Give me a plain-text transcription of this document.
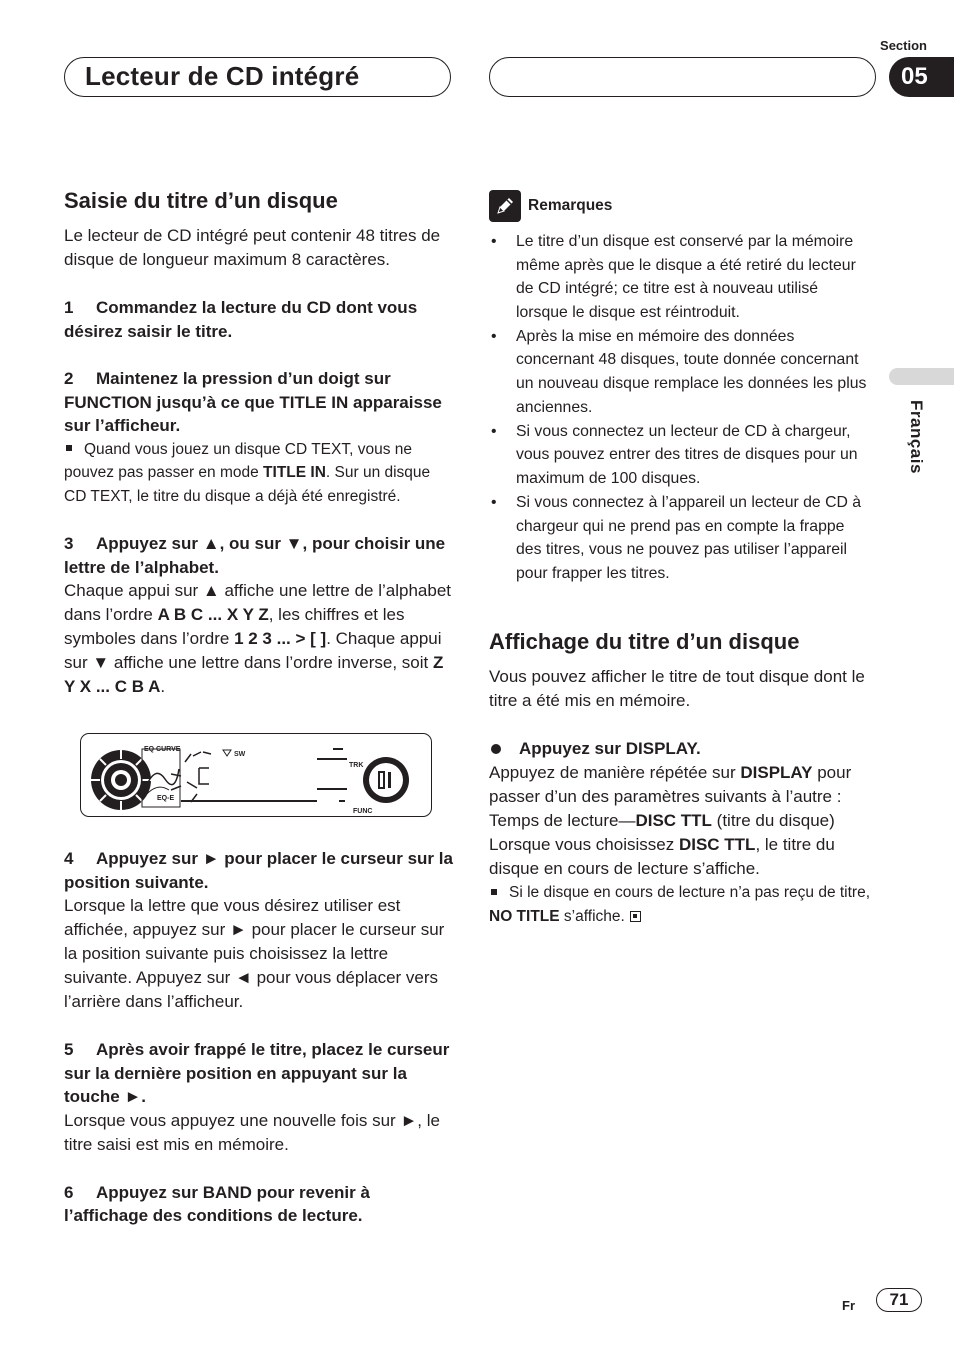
Lecteur de CD intégré
Section
05
Français
Saisie du titre d’un disque

Le lecteur de CD intégré peut contenir 48 titres de disque de longueur maximum 8 caractères.

1 Commandez la lecture du CD dont vous désirez saisir le titre.
2 Maintenez la pression d’un doigt sur FUNCTION jusqu’à ce que TITLE IN apparaisse sur l’afficheur.

Quand vous jouez un disque CD TEXT, vous ne pouvez pas passer en mode TITLE IN. Sur un disque CD TEXT, le titre du disque a déjà été enregistré.

3 Appuyez sur ▲, ou sur ▼, pour choisir une lettre de l’alphabet.

Chaque appui sur ▲ affiche une lettre de l’alphabet dans l’ordre A B C ... X Y Z, les chiffres et les symboles dans l’ordre 1 2 3 ... > [ ]. Chaque appui sur ▼ affiche une lettre dans l’ordre inverse, soit Z Y X ... C B A.

EQ CURVE
EQ-E
SW
TRK
FUNC
4 Appuyez sur ► pour placer le curseur sur la position suivante.

Lorsque la lettre que vous désirez utiliser est affichée, appuyez sur ► pour placer le curseur sur la position suivante puis choisissez la lettre suivante. Appuyez sur ◄ pour vous déplacer vers l’arrière dans l’afficheur.

5 Après avoir frappé le titre, placez le curseur sur la dernière position en appuyant sur la touche ►.

Lorsque vous appuyez une nouvelle fois sur ►, le titre saisi est mis en mémoire.

6 Appuyez sur BAND pour revenir à l’affichage des conditions de lecture.
Remarques
• Le titre d’un disque est conservé par la mémoire même après que le disque a été retiré du lecteur de CD intégré; ce titre est à nouveau utilisé lorsque le disque est réintroduit.
• Après la mise en mémoire des données concernant 48 disques, toute donnée concernant un nouveau disque remplace les données les plus anciennes.
• Si vous connectez un lecteur de CD à chargeur, vous pouvez entrer des titres de disques pour un maximum de 100 disques.
• Si vous connectez à l’appareil un lecteur de CD à chargeur qui ne prend pas en compte la frappe des titres, vous ne pouvez pas utiliser l’appareil pour frapper les titres.
Affichage du titre d’un disque

Vous pouvez afficher le titre de tout disque dont le titre a été mis en mémoire.

Appuyez sur DISPLAY.

Appuyez de manière répétée sur DISPLAY pour passer d’un des paramètres suivants à l’autre :
Temps de lecture—DISC TTL (titre du disque)
Lorsque vous choisissez DISC TTL, le titre du disque en cours de lecture s’affiche.

Si le disque en cours de lecture n’a pas reçu de titre, NO TITLE s’affiche.

Fr 71
